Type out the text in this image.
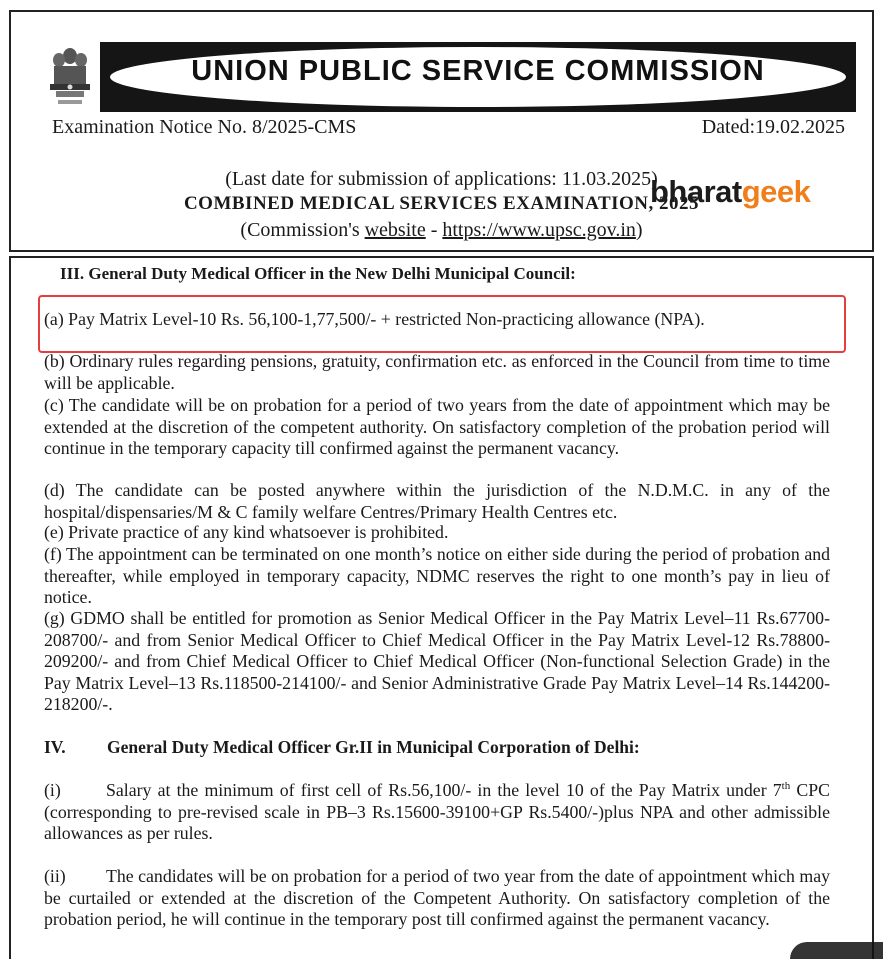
UNION PUBLIC SERVICE COMMISSION
Examination Notice No. 8/2025-CMS	Dated:19.02.2025
(Last date for submission of applications: 11.03.2025)
COMBINED MEDICAL SERVICES EXAMINATION, 2025
(Commission's website - https://www.upsc.gov.in)
bharatgeek
III. General Duty Medical Officer in the New Delhi Municipal Council:

(a) Pay Matrix Level-10 Rs. 56,100-1,77,500/- + restricted Non-practicing allowance (NPA).

(b) Ordinary rules regarding pensions, gratuity, confirmation etc. as enforced in the Council from time to time will be applicable.

(c) The candidate will be on probation for a period of two years from the date of appointment which may be extended at the discretion of the competent authority. On satisfactory completion of the probation period will continue in the temporary capacity till confirmed against the permanent vacancy.

(d) The candidate can be posted anywhere within the jurisdiction of the N.D.M.C. in any of the hospital/dispensaries/M & C family welfare Centres/Primary Health Centres etc.

(e) Private practice of any kind whatsoever is prohibited.

(f) The appointment can be terminated on one month’s notice on either side during the period of probation and thereafter, while employed in temporary capacity, NDMC reserves the right to one month’s pay in lieu of notice.

(g) GDMO shall be entitled for promotion as Senior Medical Officer in the Pay Matrix Level–11 Rs.67700-208700/- and from Senior Medical Officer to Chief Medical Officer in the Pay Matrix Level-12 Rs.78800-209200/- and from Chief Medical Officer to Chief Medical Officer (Non-functional Selection Grade) in the Pay Matrix Level–13 Rs.118500-214100/- and Senior Administrative Grade Pay Matrix Level–14 Rs.144200-218200/-.

IV. General Duty Medical Officer Gr.II in Municipal Corporation of Delhi:

(i)	Salary at the minimum of first cell of Rs.56,100/- in the level 10 of the Pay Matrix under 7th CPC (corresponding to pre-revised scale in PB–3 Rs.15600-39100+GP Rs.5400/-)plus NPA and other admissible allowances as per rules.

(ii) The candidates will be on probation for a period of two year from the date of appointment which may be curtailed or extended at the discretion of the Competent Authority. On satisfactory completion of the probation period, he will continue in the temporary post till confirmed against the permanent vacancy.
